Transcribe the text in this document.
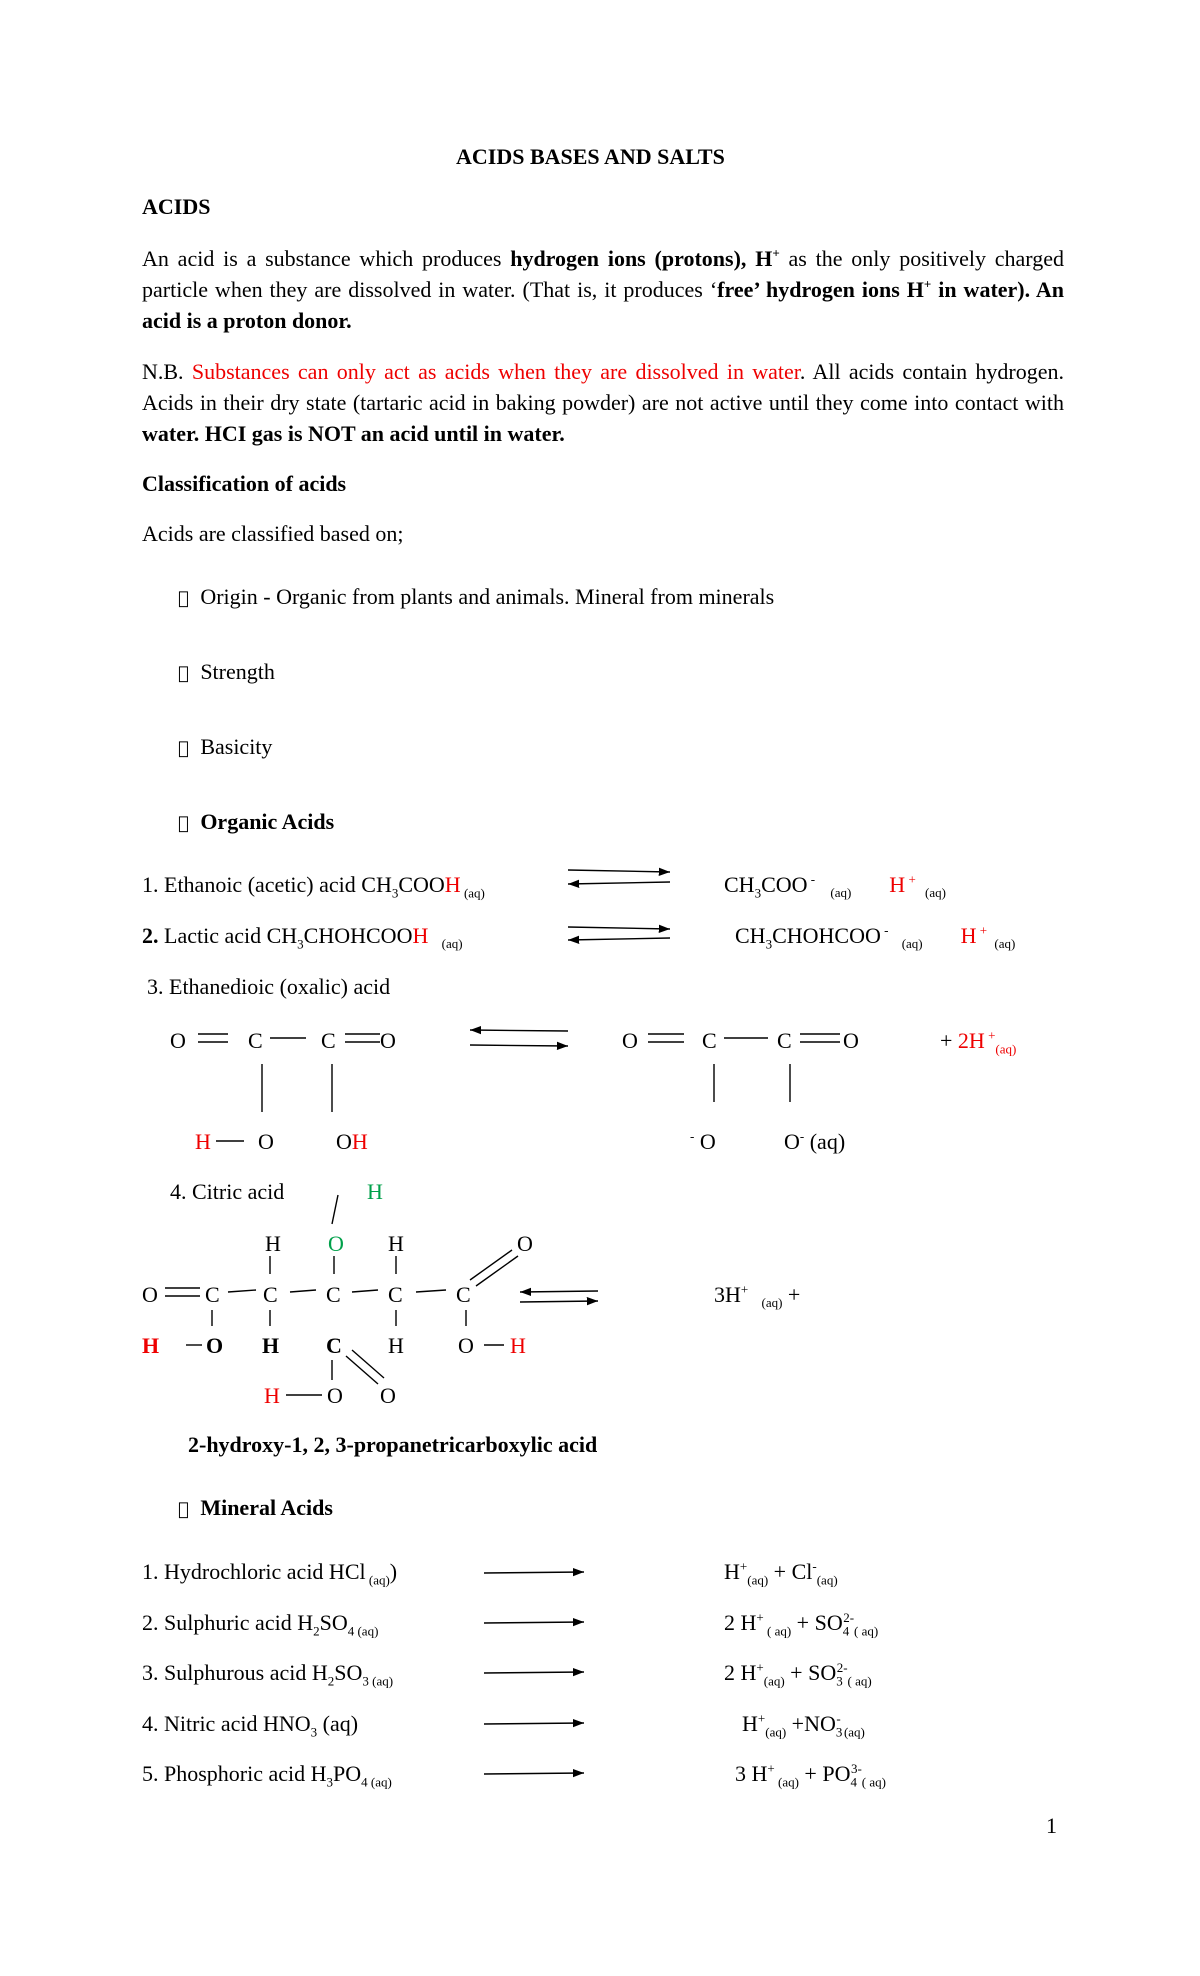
ACIDS BASES AND SALTS
ACIDS
An acid is a substance which produces hydrogen ions (protons), H+ as the only positively charged particle when they are dissolved in water. (That is, it produces ‘free’ hydrogen ions H+ in water). An acid is a proton donor.
N.B. Substances can only act as acids when they are dissolved in water. All acids contain hydrogen. Acids in their dry state (tartaric acid in baking powder) are not active until they come into contact with water. HCI gas is NOT an acid until in water.
Classification of acids
Acids are classified based on;
Origin - Organic from plants and animals. Mineral from minerals
Strength
Basicity
Organic Acids
1. Ethanoic (acetic) acid $CH_3COOH$ $_{(aq)}$	$CH_3COO$ - $_{(aq)}$ H + $_{(aq)}$
2. Lactic acid $CH_3CHOHCOOH$ $_{(aq)}$	$CH_3CHOHCOO$ - $_{(aq)}$ H + $_{(aq)}$
3. Ethanedioic (oxalic) acid
O	C	C O
H O	OH
O	C	C O
- O	O- (aq)
+ 2H +$_{(aq)}$
4. Citric acid	H
H O H	O
O C C C C C
H O H C H O H
H O O
3H+ $_{(aq)}$ +
2-hydroxy-1, 2, 3-propanetricarboxylic acid
Mineral Acids
1. Hydrochloric acid HCl $_{(aq)}$)	$H^+_{(aq)} + Cl^-_{(aq)}$
2. Sulphuric acid $H_2SO_4$ $_{(aq)}$	2 H+ $_{( aq)} + SO_4^{2-}_{( aq)}$
3. Sulphurous acid $H_2SO_3$ $_{(aq)}$	2 $H^+_{(aq)} + SO_3^{2-}_{( aq)}$
4. Nitric acid $HNO_3$ (aq)	$H^+_{(aq)} +NO_3^-$ $_{(aq)}$
5. Phosphoric acid $H_3PO_4$ $_{(aq)}$	3 H+ $_{(aq)} + PO_4^{3-}_{( aq)}$
1
